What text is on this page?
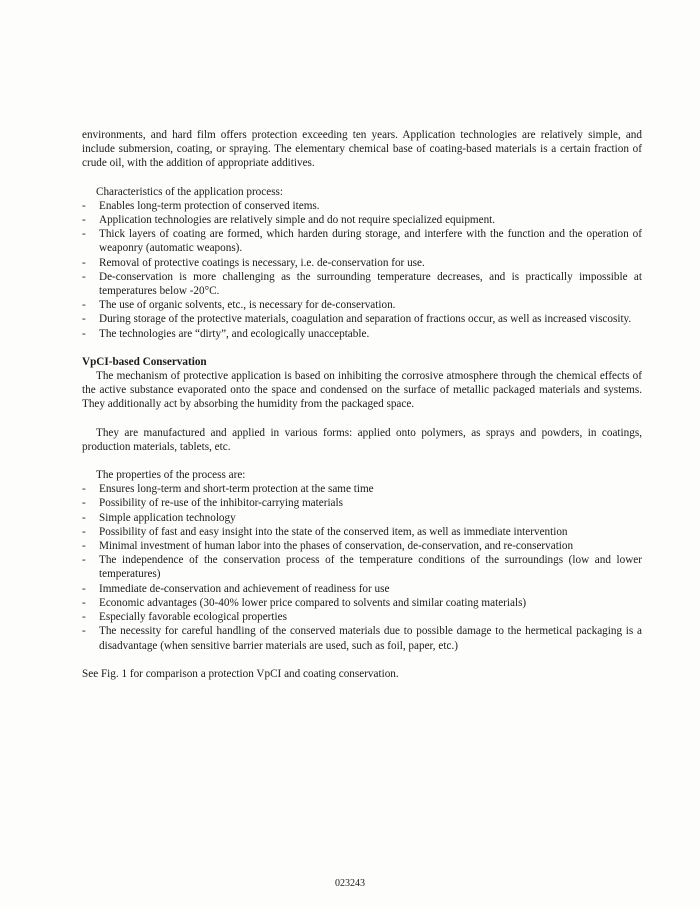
environments, and hard film offers protection exceeding ten years. Application technologies are relatively simple, and include submersion, coating, or spraying. The elementary chemical base of coating-based materials is a certain fraction of crude oil, with the addition of appropriate additives.

Characteristics of the application process:

- Enables long-term protection of conserved items.
- Application technologies are relatively simple and do not require specialized equipment.
- Thick layers of coating are formed, which harden during storage, and interfere with the function and the operation of weaponry (automatic weapons).
- Removal of protective coatings is necessary, i.e. de-conservation for use.
- De-conservation is more challenging as the surrounding temperature decreases, and is practically impossible at temperatures below -20°C.
- The use of organic solvents, etc., is necessary for de-conservation.
- During storage of the protective materials, coagulation and separation of fractions occur, as well as increased viscosity.
- The technologies are “dirty”, and ecologically unacceptable.

VpCI-based Conservation

The mechanism of protective application is based on inhibiting the corrosive atmosphere through the chemical effects of the active substance evaporated onto the space and condensed on the surface of metallic packaged materials and systems. They additionally act by absorbing the humidity from the packaged space.

They are manufactured and applied in various forms: applied onto polymers, as sprays and powders, in coatings, production materials, tablets, etc.

The properties of the process are:

- Ensures long-term and short-term protection at the same time
- Possibility of re-use of the inhibitor-carrying materials
- Simple application technology
- Possibility of fast and easy insight into the state of the conserved item, as well as immediate intervention
- Minimal investment of human labor into the phases of conservation, de-conservation, and re-conservation
- The independence of the conservation process of the temperature conditions of the surroundings (low and lower temperatures)
- Immediate de-conservation and achievement of readiness for use
- Economic advantages (30-40% lower price compared to solvents and similar coating materials)
- Especially favorable ecological properties
- The necessity for careful handling of the conserved materials due to possible damage to the hermetical packaging is a disadvantage (when sensitive barrier materials are used, such as foil, paper, etc.)

See Fig. 1 for comparison a protection VpCI and coating conservation.

023243
